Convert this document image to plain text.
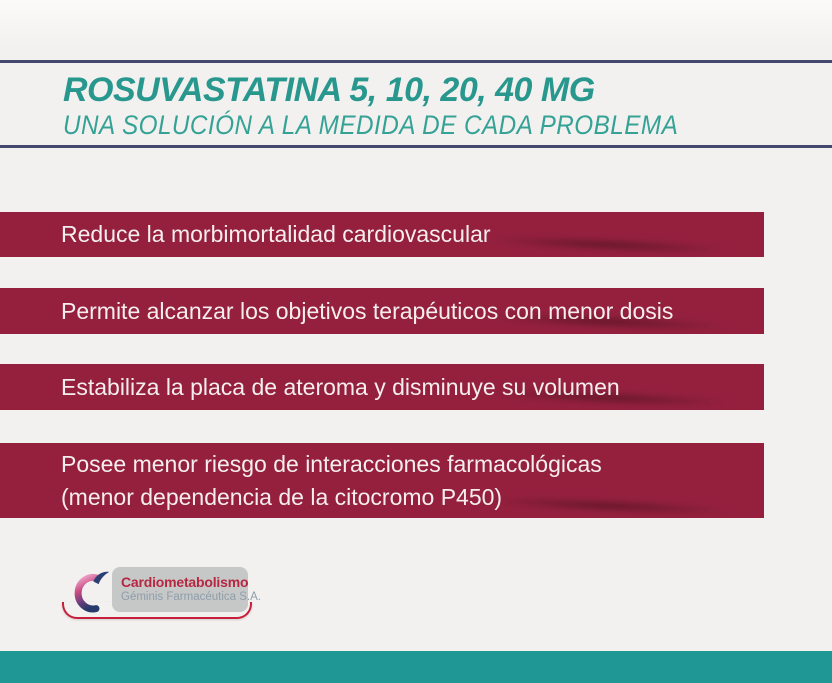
ROSUVASTATINA 5, 10, 20, 40 MG
UNA SOLUCIÓN A LA MEDIDA DE CADA PROBLEMA
Reduce la morbimortalidad cardiovascular
Permite alcanzar los objetivos terapéuticos con menor dosis
Estabiliza la placa de ateroma y disminuye su volumen
Posee menor riesgo de interacciones farmacológicas
(menor dependencia de la citocromo P450)
Cardiometabolismo
Géminis Farmacéutica S.A.
